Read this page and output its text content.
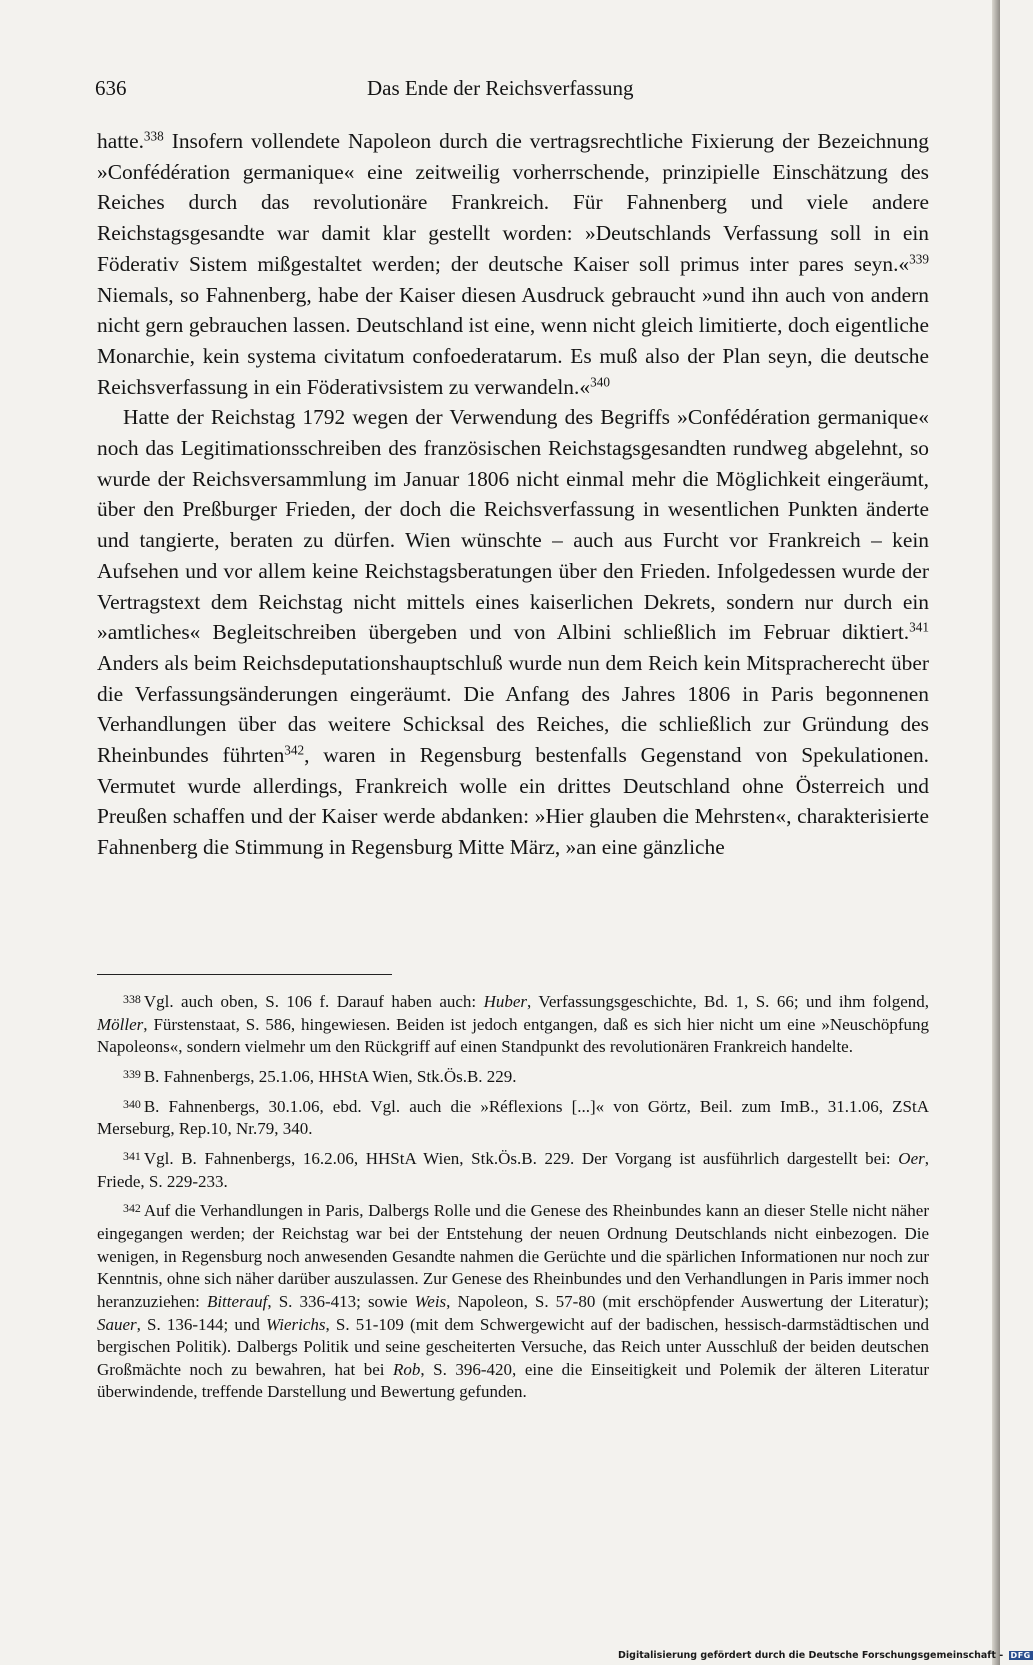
636	Das Ende der Reichsverfassung

hatte.$^{338}$ Insofern vollendete Napoleon durch die vertragsrechtliche Fixierung der Bezeichnung »Confédération germanique« eine zeitweilig vorherrschende, prinzipielle Einschätzung des Reiches durch das revolutionäre Frankreich. Für Fahnenberg und viele andere Reichstagsgesandte war damit klar gestellt worden: »Deutschlands Verfassung soll in ein Föderativ Sistem mißgestaltet werden; der deutsche Kaiser soll primus inter pares seyn.«$^{339}$ Niemals, so Fahnenberg, habe der Kaiser diesen Ausdruck gebraucht »und ihn auch von andern nicht gern gebrauchen lassen. Deutschland ist eine, wenn nicht gleich limitierte, doch eigentliche Monarchie, kein systema civitatum confoederatarum. Es muß also der Plan seyn, die deutsche Reichsverfassung in ein Föderativsistem zu verwandeln.«$^{340}$

Hatte der Reichstag 1792 wegen der Verwendung des Begriffs »Confédération germanique« noch das Legitimationsschreiben des französischen Reichstagsgesandten rundweg abgelehnt, so wurde der Reichsversammlung im Januar 1806 nicht einmal mehr die Möglichkeit eingeräumt, über den Preßburger Frieden, der doch die Reichsverfassung in wesentlichen Punkten änderte und tangierte, beraten zu dürfen. Wien wünschte – auch aus Furcht vor Frankreich – kein Aufsehen und vor allem keine Reichstagsberatungen über den Frieden. Infolgedessen wurde der Vertragstext dem Reichstag nicht mittels eines kaiserlichen Dekrets, sondern nur durch ein »amtliches« Begleitschreiben übergeben und von Albini schließlich im Februar diktiert.$^{341}$ Anders als beim Reichsdeputationshauptschluß wurde nun dem Reich kein Mitspracherecht über die Verfassungsänderungen eingeräumt. Die Anfang des Jahres 1806 in Paris begonnenen Verhandlungen über das weitere Schicksal des Reiches, die schließlich zur Gründung des Rheinbundes führten$^{342}$, waren in Regensburg bestenfalls Gegenstand von Spekulationen. Vermutet wurde allerdings, Frankreich wolle ein drittes Deutschland ohne Österreich und Preußen schaffen und der Kaiser werde abdanken: »Hier glauben die Mehrsten«, charakterisierte Fahnenberg die Stimmung in Regensburg Mitte März, »an eine gänzliche

$^{338}$ Vgl. auch oben, S. 106 f. Darauf haben auch: Huber, Verfassungsgeschichte, Bd. 1, S. 66; und ihm folgend, Möller, Fürstenstaat, S. 586, hingewiesen. Beiden ist jedoch entgangen, daß es sich hier nicht um eine »Neuschöpfung Napoleons«, sondern vielmehr um den Rückgriff auf einen Standpunkt des revolutionären Frankreich handelte.

$^{339}$ B. Fahnenbergs, 25.1.06, HHStA Wien, Stk.Ös.B. 229.

$^{340}$ B. Fahnenbergs, 30.1.06, ebd. Vgl. auch die »Réflexions [...]« von Görtz, Beil. zum ImB., 31.1.06, ZStA Merseburg, Rep.10, Nr.79, 340.

$^{341}$ Vgl. B. Fahnenbergs, 16.2.06, HHStA Wien, Stk.Ös.B. 229. Der Vorgang ist ausführlich dargestellt bei: Oer, Friede, S. 229-233.

$^{342}$ Auf die Verhandlungen in Paris, Dalbergs Rolle und die Genese des Rheinbundes kann an dieser Stelle nicht näher eingegangen werden; der Reichstag war bei der Entstehung der neuen Ordnung Deutschlands nicht einbezogen. Die wenigen, in Regensburg noch anwesenden Gesandte nahmen die Gerüchte und die spärlichen Informationen nur noch zur Kenntnis, ohne sich näher darüber auszulassen. Zur Genese des Rheinbundes und den Verhandlungen in Paris immer noch heranzuziehen: Bitterauf, S. 336-413; sowie Weis, Napoleon, S. 57-80 (mit erschöpfender Auswertung der Literatur); Sauer, S. 136-144; und Wierichs, S. 51-109 (mit dem Schwergewicht auf der badischen, hessisch-darmstädtischen und bergischen Politik). Dalbergs Politik und seine gescheiterten Versuche, das Reich unter Ausschluß der beiden deutschen Großmächte noch zu bewahren, hat bei Rob, S. 396-420, eine die Einseitigkeit und Polemik der älteren Literatur überwindende, treffende Darstellung und Bewertung gefunden.

Digitalisierung gefördert durch die Deutsche Forschungsgemeinschaft - DFG
